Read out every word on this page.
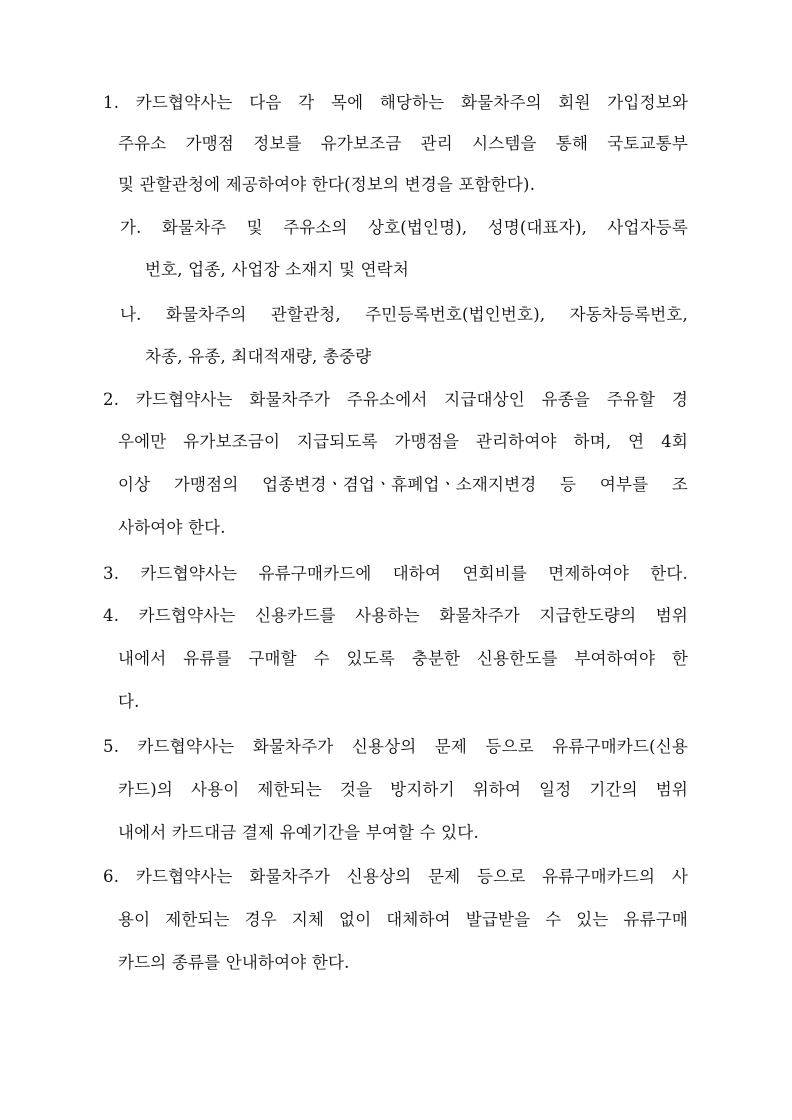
1. 카드협약사는 다음 각 목에 해당하는 화물차주의 회원 가입정보와
주유소 가맹점 정보를 유가보조금 관리 시스템을 통해 국토교통부
및 관할관청에 제공하여야 한다(정보의 변경을 포함한다).
가. 화물차주 및 주유소의 상호(법인명), 성명(대표자), 사업자등록
번호, 업종, 사업장 소재지 및 연락처
나. 화물차주의 관할관청, 주민등록번호(법인번호), 자동차등록번호,
차종, 유종, 최대적재량, 총중량
2. 카드협약사는 화물차주가 주유소에서 지급대상인 유종을 주유할 경
우에만 유가보조금이 지급되도록 가맹점을 관리하여야 하며, 연 4회
이상 가맹점의 업종변경ㆍ겸업ㆍ휴폐업ㆍ소재지변경 등 여부를 조
사하여야 한다.
3. 카드협약사는 유류구매카드에 대하여 연회비를 면제하여야 한다.
4. 카드협약사는 신용카드를 사용하는 화물차주가 지급한도량의 범위
내에서 유류를 구매할 수 있도록 충분한 신용한도를 부여하여야 한
다.
5. 카드협약사는 화물차주가 신용상의 문제 등으로 유류구매카드(신용
카드)의 사용이 제한되는 것을 방지하기 위하여 일정 기간의 범위
내에서 카드대금 결제 유예기간을 부여할 수 있다.
6. 카드협약사는 화물차주가 신용상의 문제 등으로 유류구매카드의 사
용이 제한되는 경우 지체 없이 대체하여 발급받을 수 있는 유류구매
카드의 종류를 안내하여야 한다.
